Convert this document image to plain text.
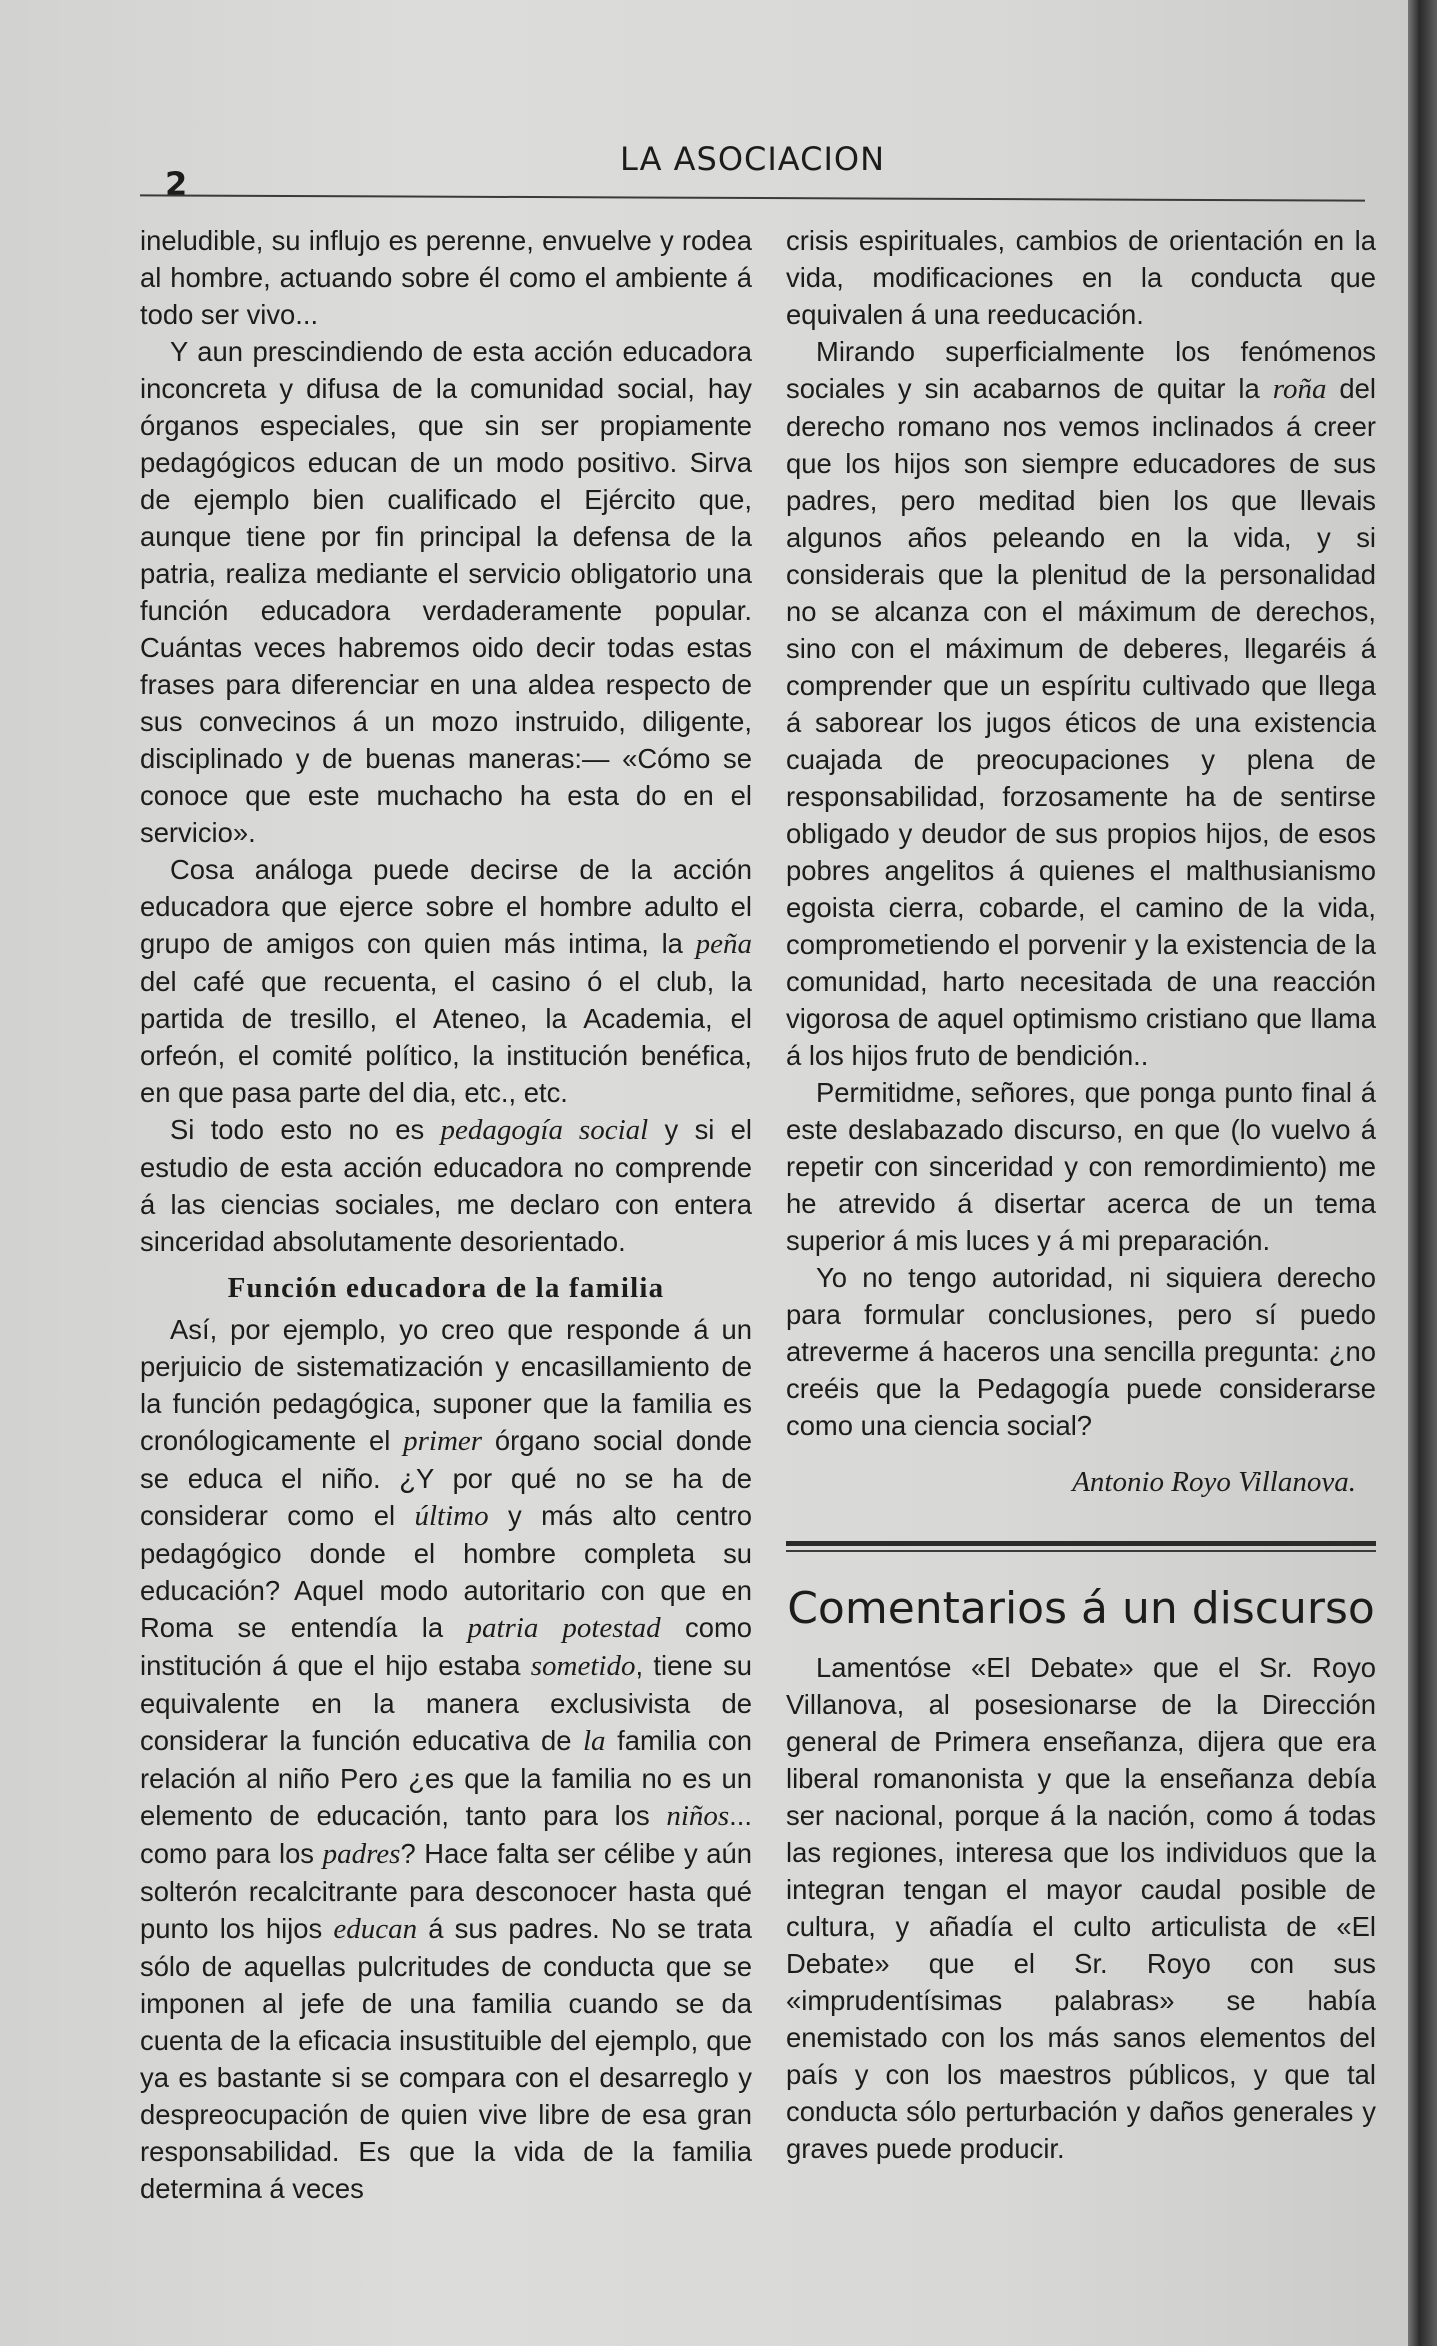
2
LA ASOCIACION

ineludible, su influjo es perenne, envuelve y rodea al hombre, actuando sobre él como el ambiente á todo ser vivo...

Y aun prescindiendo de esta acción educadora inconcreta y difusa de la comunidad social, hay órganos especiales, que sin ser propiamente pedagógicos educan de un modo positivo. Sirva de ejemplo bien cualificado el Ejército que, aunque tiene por fin principal la defensa de la patria, realiza mediante el servicio obligatorio una función educadora verdaderamente popular. Cuántas veces habremos oido decir todas estas frases para diferenciar en una aldea respecto de sus convecinos á un mozo instruido, diligente, disciplinado y de buenas maneras:— «Cómo se conoce que este muchacho ha esta do en el servicio».

Cosa análoga puede decirse de la acción educadora que ejerce sobre el hombre adulto el grupo de amigos con quien más intima, la peña del café que recuenta, el casino ó el club, la partida de tresillo, el Ateneo, la Academia, el orfeón, el comité político, la institución benéfica, en que pasa parte del dia, etc., etc.

Si todo esto no es pedagogía social y si el estudio de esta acción educadora no comprende á las ciencias sociales, me declaro con entera sinceridad absolutamente desorientado.

Función educadora de la familia

Así, por ejemplo, yo creo que responde á un perjuicio de sistematización y encasillamiento de la función pedagógica, suponer que la familia es cronólogicamente el primer órgano social donde se educa el niño. ¿Y por qué no se ha de considerar como el último y más alto centro pedagógico donde el hombre completa su educación? Aquel modo autoritario con que en Roma se entendía la patria potestad como institución á que el hijo estaba sometido, tiene su equivalente en la manera exclusivista de considerar la función educativa de la familia con relación al niño Pero ¿es que la familia no es un elemento de educación, tanto para los niños... como para los padres? Hace falta ser célibe y aún solterón recalcitrante para desconocer hasta qué punto los hijos educan á sus padres. No se trata sólo de aquellas pulcritudes de conducta que se imponen al jefe de una familia cuando se da cuenta de la eficacia insustituible del ejemplo, que ya es bastante si se compara con el desarreglo y despreocupación de quien vive libre de esa gran responsabilidad. Es que la vida de la familia determina á veces

crisis espirituales, cambios de orientación en la vida, modificaciones en la conducta que equivalen á una reeducación.

Mirando superficialmente los fenómenos sociales y sin acabarnos de quitar la roña del derecho romano nos vemos inclinados á creer que los hijos son siempre educadores de sus padres, pero meditad bien los que llevais algunos años peleando en la vida, y si considerais que la plenitud de la personalidad no se alcanza con el máximum de derechos, sino con el máximum de deberes, llegaréis á comprender que un espíritu cultivado que llega á saborear los jugos éticos de una existencia cuajada de preocupaciones y plena de responsabilidad, forzosamente ha de sentirse obligado y deudor de sus propios hijos, de esos pobres angelitos á quienes el malthusianismo egoista cierra, cobarde, el camino de la vida, comprometiendo el porvenir y la existencia de la comunidad, harto necesitada de una reacción vigorosa de aquel optimismo cristiano que llama á los hijos fruto de bendición..

Permitidme, señores, que ponga punto final á este deslabazado discurso, en que (lo vuelvo á repetir con sinceridad y con remordimiento) me he atrevido á disertar acerca de un tema superior á mis luces y á mi preparación.

Yo no tengo autoridad, ni siquiera derecho para formular conclusiones, pero sí puedo atreverme á haceros una sencilla pregunta: ¿no creéis que la Pedagogía puede considerarse como una ciencia social?

Antonio Royo Villanova.
Comentarios á un discurso

Lamentóse «El Debate» que el Sr. Royo Villanova, al posesionarse de la Dirección general de Primera enseñanza, dijera que era liberal romanonista y que la enseñanza debía ser nacional, porque á la nación, como á todas las regiones, interesa que los individuos que la integran tengan el mayor caudal posible de cultura, y añadía el culto articulista de «El Debate» que el Sr. Royo con sus «imprudentísimas palabras» se había enemistado con los más sanos elementos del país y con los maestros públicos, y que tal conducta sólo perturbación y daños generales y graves puede producir.
